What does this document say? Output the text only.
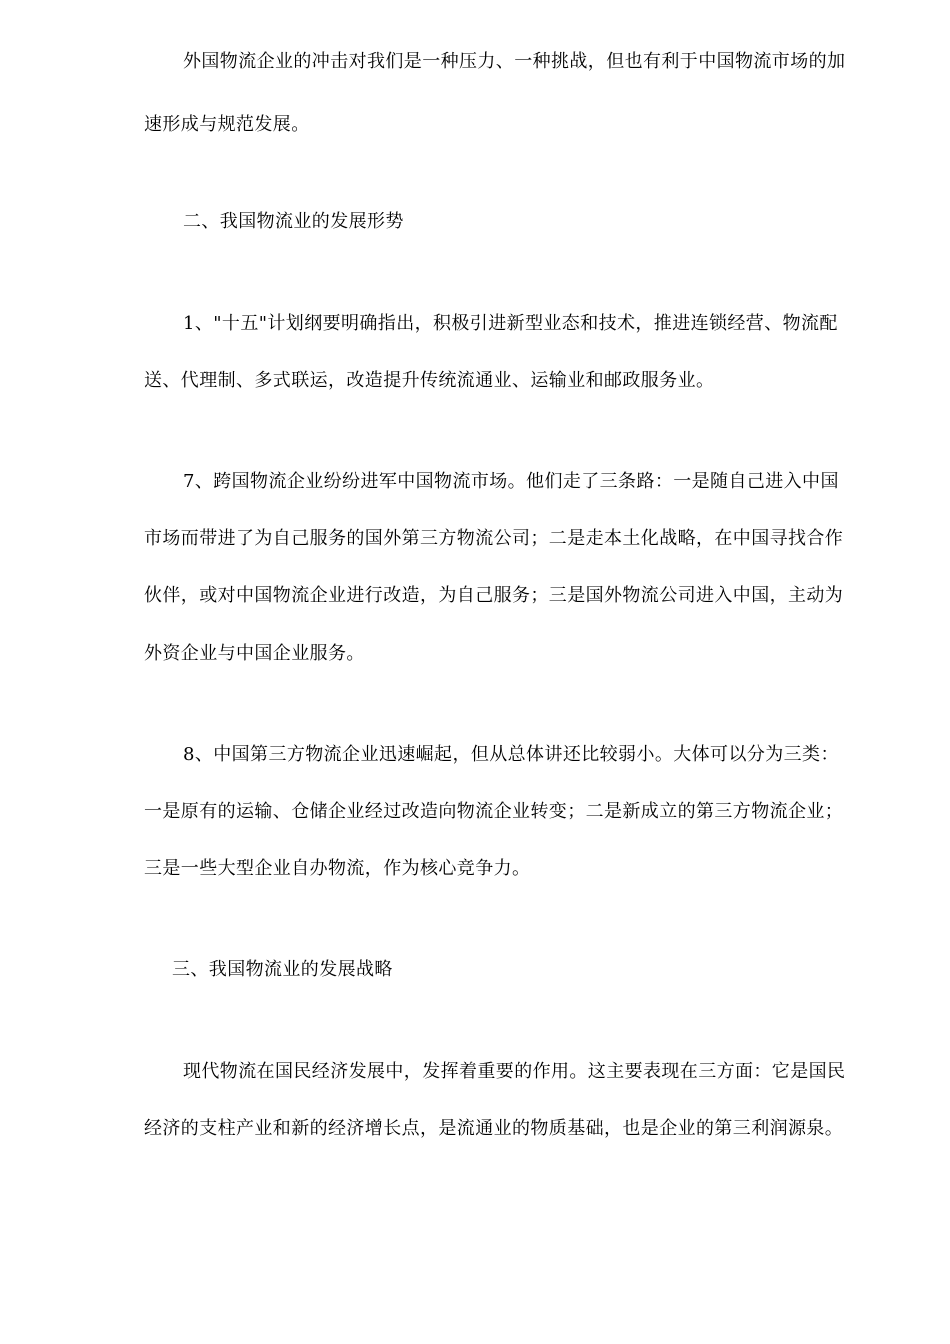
外国物流企业的冲击对我们是一种压力、一种挑战，但也有利于中国物流市场的加
速形成与规范发展。
二、我国物流业的发展形势
1、"十五"计划纲要明确指出，积极引进新型业态和技术，推进连锁经营、物流配
送、代理制、多式联运，改造提升传统流通业、运输业和邮政服务业。
7、跨国物流企业纷纷进军中国物流市场。他们走了三条路：一是随自己进入中国
市场而带进了为自己服务的国外第三方物流公司；二是走本土化战略，在中国寻找合作
伙伴，或对中国物流企业进行改造，为自己服务；三是国外物流公司进入中国，主动为
外资企业与中国企业服务。
8、中国第三方物流企业迅速崛起，但从总体讲还比较弱小。大体可以分为三类：
一是原有的运输、仓储企业经过改造向物流企业转变；二是新成立的第三方物流企业；
三是一些大型企业自办物流，作为核心竞争力。
三、我国物流业的发展战略
现代物流在国民经济发展中，发挥着重要的作用。这主要表现在三方面：它是国民
经济的支柱产业和新的经济增长点，是流通业的物质基础，也是企业的第三利润源泉。
